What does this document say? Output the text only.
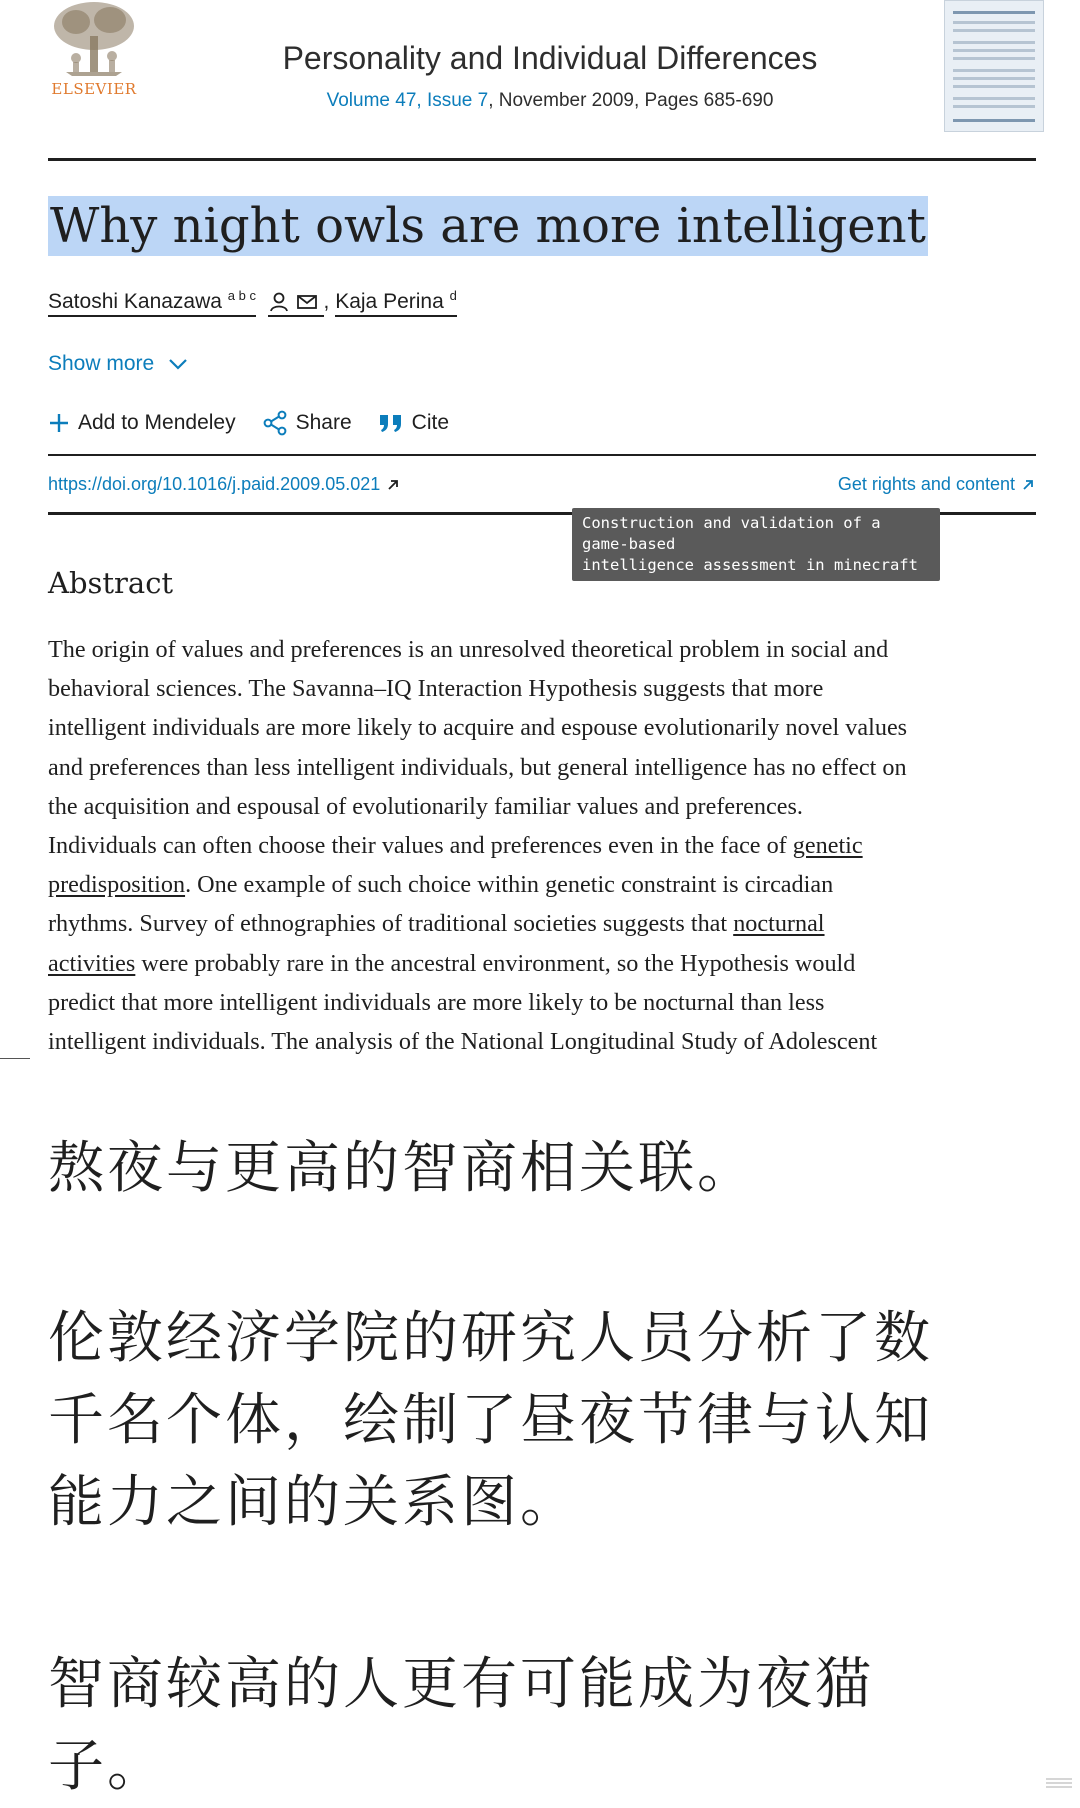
ELSEVIER
Personality and Individual Differences
Volume 47, Issue 7, November 2009, Pages 685-690
Why night owls are more intelligent
Satoshi Kanazawa $^{a b c}$	, Kaja Perina $^d$
Show more
Add to Mendeley	Share	Cite
https://doi.org/10.1016/j.paid.2009.05.021	Get rights and content
Construction and validation of a game-based
intelligence assessment in minecraft
Abstract

The origin of values and preferences is an unresolved theoretical problem in social and

behavioral sciences. The Savanna–IQ Interaction Hypothesis suggests that more

intelligent individuals are more likely to acquire and espouse evolutionarily novel values

and preferences than less intelligent individuals, but general intelligence has no effect on

the acquisition and espousal of evolutionarily familiar values and preferences.

Individuals can often choose their values and preferences even in the face of genetic

predisposition. One example of such choice within genetic constraint is circadian

rhythms. Survey of ethnographies of traditional societies suggests that nocturnal

activities were probably rare in the ancestral environment, so the Hypothesis would

predict that more intelligent individuals are more likely to be nocturnal than less

intelligent individuals. The analysis of the National Longitudinal Study of Adolescent

熬夜与更高的智商相关联。

伦敦经济学院的研究人员分析了数

千名个体，绘制了昼夜节律与认知

能力之间的关系图。

智商较高的人更有可能成为夜猫

子。
